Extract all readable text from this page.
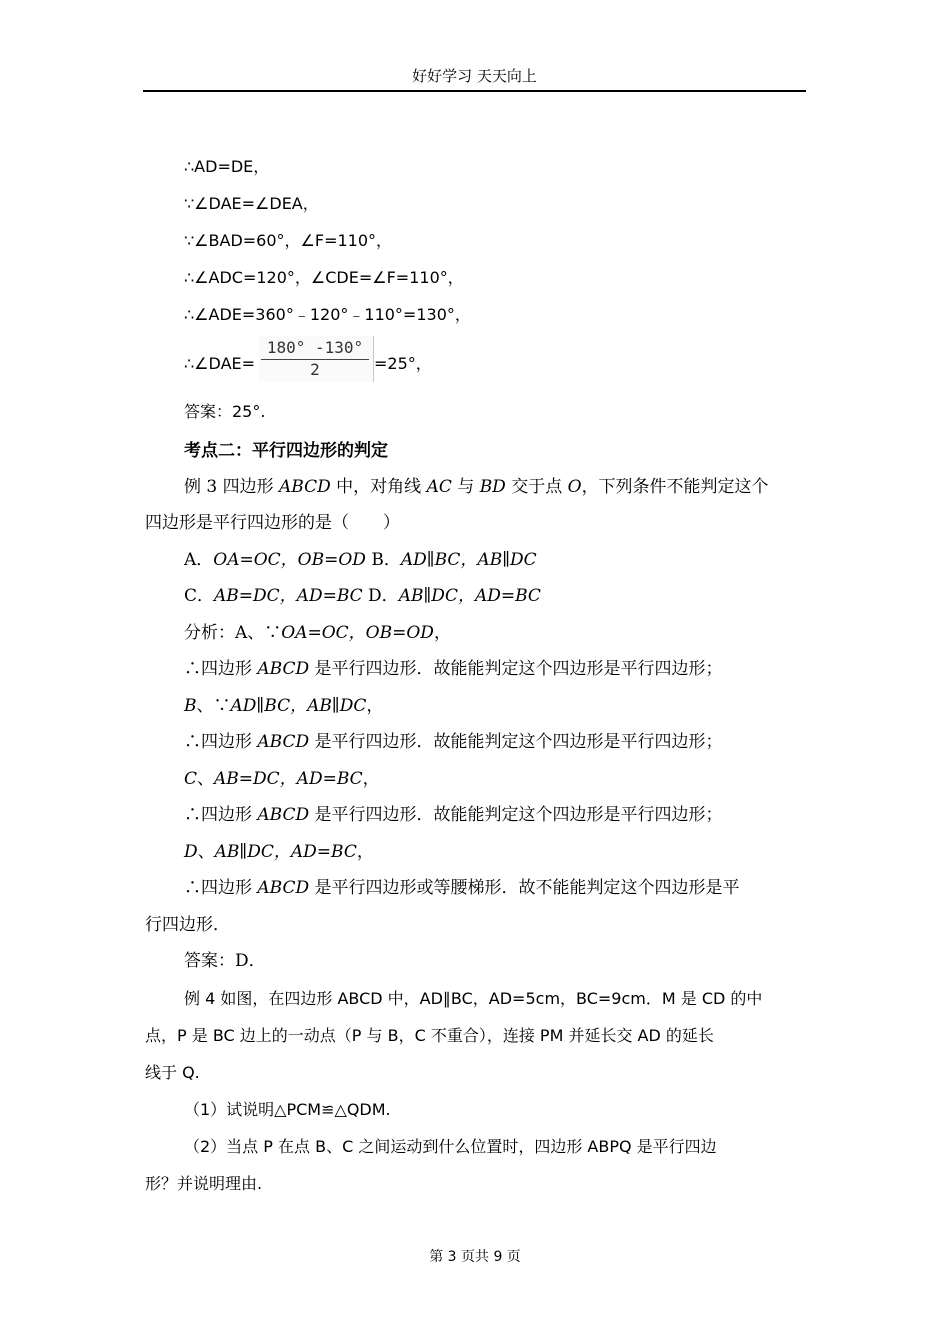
好好学习 天天向上
∴AD=DE，
∵∠DAE=∠DEA，
∵∠BAD=60°，∠F=110°，
∴∠ADC=120°，∠CDE=∠F=110°，
∴∠ADE=360°﹣120°﹣110°=130°，
∴∠DAE=
180° -130°
2	=25°，
答案：25°.
考点二：平行四边形的判定
例 3 四边形 ABCD 中，对角线 AC 与 BD 交于点 O，下列条件不能判定这个
四边形是平行四边形的是（　　）
A．OA=OC，OB=OD B．AD∥BC，AB∥DC
C．AB=DC，AD=BC D．AB∥DC，AD=BC
分析：A、∵OA=OC，OB=OD，
∴四边形 ABCD 是平行四边形．故能能判定这个四边形是平行四边形；
B、∵AD∥BC，AB∥DC，
∴四边形 ABCD 是平行四边形．故能能判定这个四边形是平行四边形；
C、AB=DC，AD=BC，
∴四边形 ABCD 是平行四边形．故能能判定这个四边形是平行四边形；
D、AB∥DC，AD=BC，
∴四边形 ABCD 是平行四边形或等腰梯形．故不能能判定这个四边形是平
行四边形．
答案：D．
例 4 如图，在四边形 ABCD 中，AD∥BC，AD=5cm，BC=9cm．M 是 CD 的中
点，P 是 BC 边上的一动点（P 与 B，C 不重合），连接 PM 并延长交 AD 的延长
线于 Q.
（1）试说明△PCM≌△QDM.
（2）当点 P 在点 B、C 之间运动到什么位置时，四边形 ABPQ 是平行四边
形？并说明理由.
第 3 页共 9 页
